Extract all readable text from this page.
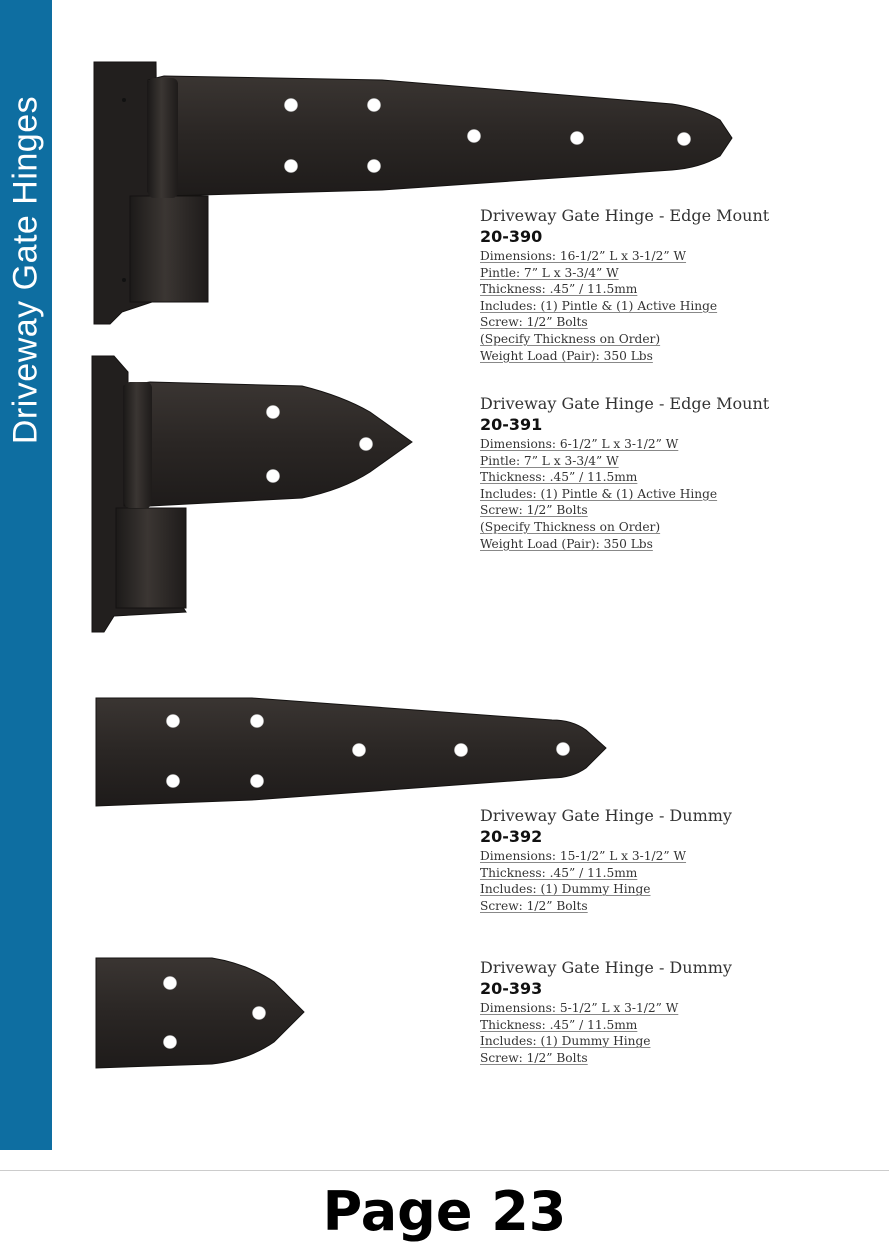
Driveway Gate Hinges	Driveway Gate Hinge - Edge Mount
20-390
Dimensions: 16-1/2” L x 3-1/2” W
Pintle: 7” L x 3-3/4” W
Thickness: .45” / 11.5mm
Includes: (1) Pintle & (1) Active Hinge
Screw: 1/2” Bolts
(Specify Thickness on Order)
Weight Load (Pair): 350 Lbs
Driveway Gate Hinge - Edge Mount
20-391
Dimensions: 6-1/2” L x 3-1/2” W
Pintle: 7” L x 3-3/4” W
Thickness: .45” / 11.5mm
Includes: (1) Pintle & (1) Active Hinge
Screw: 1/2” Bolts
(Specify Thickness on Order)
Weight Load (Pair): 350 Lbs
Driveway Gate Hinge - Dummy
20-392
Dimensions: 15-1/2” L x 3-1/2” W
Thickness: .45” / 11.5mm
Includes: (1) Dummy Hinge
Screw: 1/2” Bolts
Driveway Gate Hinge - Dummy
20-393
Dimensions: 5-1/2” L x 3-1/2” W
Thickness: .45” / 11.5mm
Includes: (1) Dummy Hinge
Screw: 1/2” Bolts
Page 23
